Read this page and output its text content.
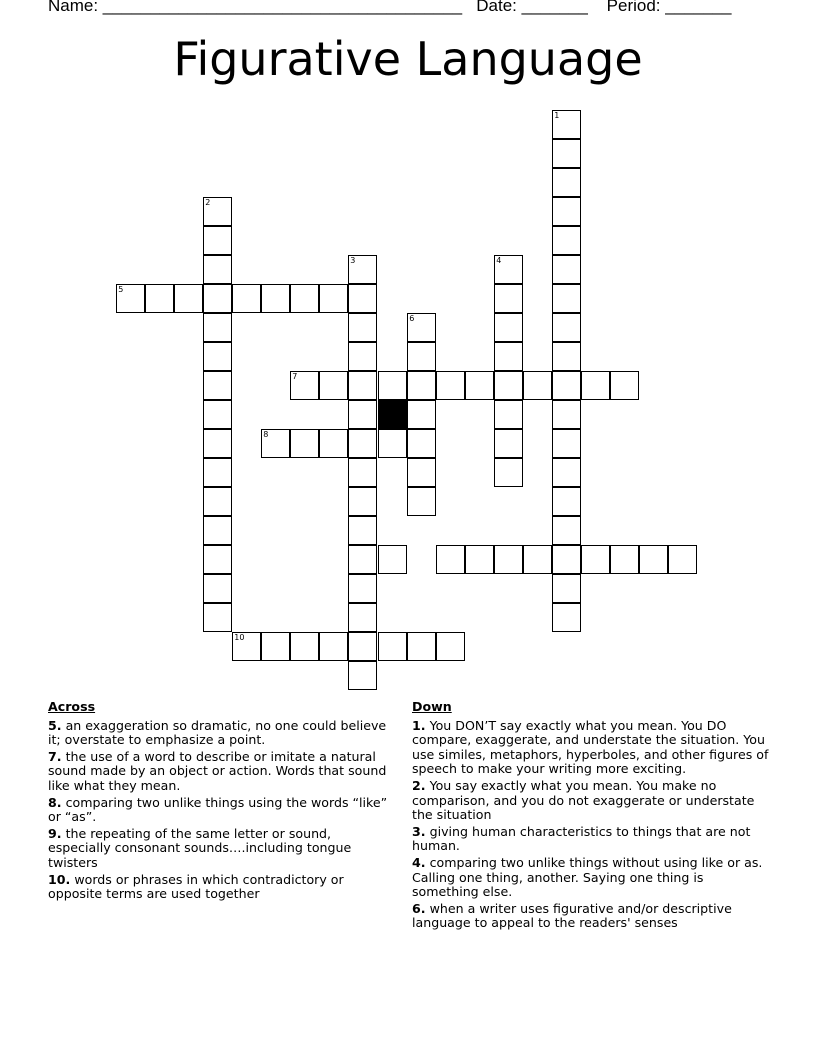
Name: ______________________________________   Date: _______    Period: _______
Figurative Language
1
2
3	4
5
6
7
8
10
Across
5. an exaggeration so dramatic, no one could believe it; overstate to emphasize a point.
7. the use of a word to describe or imitate a natural sound made by an object or action. Words that sound like what they mean.
8. comparing two unlike things using the words “like” or “as”.
9. the repeating of the same letter or sound, especially consonant sounds….including tongue twisters
10. words or phrases in which contradictory or opposite terms are used together
Down
1. You DON’T say exactly what you mean. You DO compare, exaggerate, and understate the situation. You use similes, metaphors, hyperboles, and other figures of speech to make your writing more exciting.
2. You say exactly what you mean. You make no comparison, and you do not exaggerate or understate the situation
3. giving human characteristics to things that are not human.
4. comparing two unlike things without using like or as. Calling one thing, another. Saying one thing is something else.
6. when a writer uses figurative and/or descriptive language to appeal to the readers' senses
